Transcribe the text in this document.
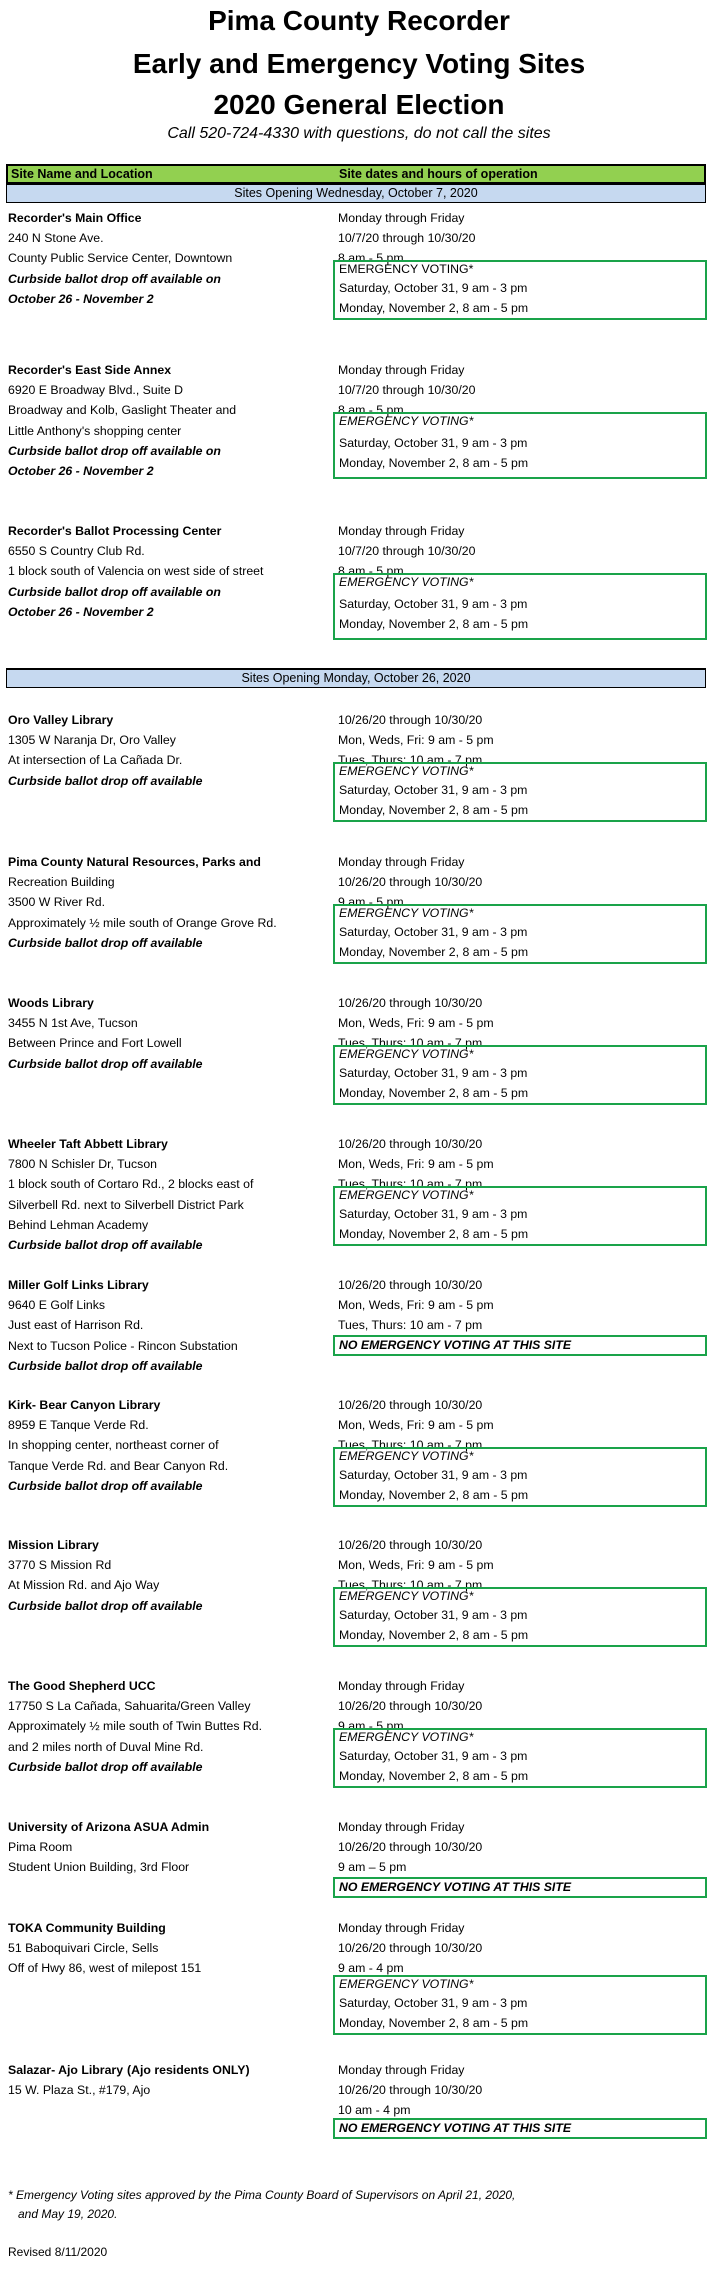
Pima County Recorder
Early and Emergency Voting Sites
2020 General Election
Call 520-724-4330 with questions, do not call the sites
Site Name and Location	Site dates and hours of operation
Sites Opening Wednesday, October 7, 2020
Sites Opening Monday, October 26, 2020
Recorder's Main Office
240 N Stone Ave.
County Public Service Center, Downtown
Curbside ballot drop off available on
October 26 - November 2
Monday through Friday
10/7/20 through 10/30/20
8 am - 5 pm
EMERGENCY VOTING*
Saturday, October 31, 9 am - 3 pm
Monday, November 2, 8 am - 5 pm
Recorder's East Side Annex
6920 E Broadway Blvd., Suite D
Broadway and Kolb, Gaslight Theater and
Little Anthony's shopping center
Curbside ballot drop off available on
October 26 - November 2
Monday through Friday
10/7/20 through 10/30/20
8 am - 5 pm
EMERGENCY VOTING*
Saturday, October 31, 9 am - 3 pm
Monday, November 2, 8 am - 5 pm
Recorder's Ballot Processing Center
6550 S Country Club Rd.
1 block south of Valencia on west side of street
Curbside ballot drop off available on
October 26 - November 2
Monday through Friday
10/7/20 through 10/30/20
8 am - 5 pm
EMERGENCY VOTING*
Saturday, October 31, 9 am - 3 pm
Monday, November 2, 8 am - 5 pm
Oro Valley Library
1305 W Naranja Dr, Oro Valley
At intersection of La Cañada Dr.
Curbside ballot drop off available
10/26/20 through 10/30/20
Mon, Weds, Fri: 9 am - 5 pm
Tues, Thurs: 10 am - 7 pm
EMERGENCY VOTING*
Saturday, October 31, 9 am - 3 pm
Monday, November 2, 8 am - 5 pm
Pima County Natural Resources, Parks and
Recreation Building
3500 W River Rd.
Approximately ½ mile south of Orange Grove Rd.
Curbside ballot drop off available
Monday through Friday
10/26/20 through 10/30/20
9 am - 5 pm
EMERGENCY VOTING*
Saturday, October 31, 9 am - 3 pm
Monday, November 2, 8 am - 5 pm
Woods Library
3455 N 1st Ave, Tucson
Between Prince and Fort Lowell
Curbside ballot drop off available
10/26/20 through 10/30/20
Mon, Weds, Fri: 9 am - 5 pm
Tues, Thurs: 10 am - 7 pm
EMERGENCY VOTING*
Saturday, October 31, 9 am - 3 pm
Monday, November 2, 8 am - 5 pm
Wheeler Taft Abbett Library
7800 N Schisler Dr, Tucson
1 block south of Cortaro Rd., 2 blocks east of
Silverbell Rd. next to Silverbell District Park
Behind Lehman Academy
Curbside ballot drop off available
10/26/20 through 10/30/20
Mon, Weds, Fri: 9 am - 5 pm
Tues, Thurs: 10 am - 7 pm
EMERGENCY VOTING*
Saturday, October 31, 9 am - 3 pm
Monday, November 2, 8 am - 5 pm
Miller Golf Links Library
9640 E Golf Links
Just east of Harrison Rd.
Next to Tucson Police - Rincon Substation
Curbside ballot drop off available
10/26/20 through 10/30/20
Mon, Weds, Fri: 9 am - 5 pm
Tues, Thurs: 10 am - 7 pm
NO EMERGENCY VOTING AT THIS SITE
Kirk- Bear Canyon Library
8959 E Tanque Verde Rd.
In shopping center, northeast corner of
Tanque Verde Rd. and Bear Canyon Rd.
Curbside ballot drop off available
10/26/20 through 10/30/20
Mon, Weds, Fri: 9 am - 5 pm
Tues, Thurs: 10 am - 7 pm
EMERGENCY VOTING*
Saturday, October 31, 9 am - 3 pm
Monday, November 2, 8 am - 5 pm
Mission Library
3770 S Mission Rd
At Mission Rd. and Ajo Way
Curbside ballot drop off available
10/26/20 through 10/30/20
Mon, Weds, Fri: 9 am - 5 pm
Tues, Thurs: 10 am - 7 pm
EMERGENCY VOTING*
Saturday, October 31, 9 am - 3 pm
Monday, November 2, 8 am - 5 pm
The Good Shepherd UCC
17750 S La Cañada, Sahuarita/Green Valley
Approximately ½ mile south of Twin Buttes Rd.
and 2 miles north of Duval Mine Rd.
Curbside ballot drop off available
Monday through Friday
10/26/20 through 10/30/20
9 am - 5 pm
EMERGENCY VOTING*
Saturday, October 31, 9 am - 3 pm
Monday, November 2, 8 am - 5 pm
University of Arizona ASUA Admin
Pima Room
Student Union Building, 3rd Floor
Monday through Friday
10/26/20 through 10/30/20
9 am – 5 pm
NO EMERGENCY VOTING AT THIS SITE
TOKA Community Building
51 Baboquivari Circle, Sells
Off of Hwy 86, west of milepost 151
Monday through Friday
10/26/20 through 10/30/20
9 am - 4 pm
EMERGENCY VOTING*
Saturday, October 31, 9 am - 3 pm
Monday, November 2, 8 am - 5 pm
Salazar- Ajo Library (Ajo residents ONLY)
15 W. Plaza St., #179, Ajo
Monday through Friday
10/26/20 through 10/30/20
10 am - 4 pm
NO EMERGENCY VOTING AT THIS SITE
* Emergency Voting sites approved by the Pima County Board of Supervisors on April 21, 2020,
and May 19, 2020.
Revised 8/11/2020
